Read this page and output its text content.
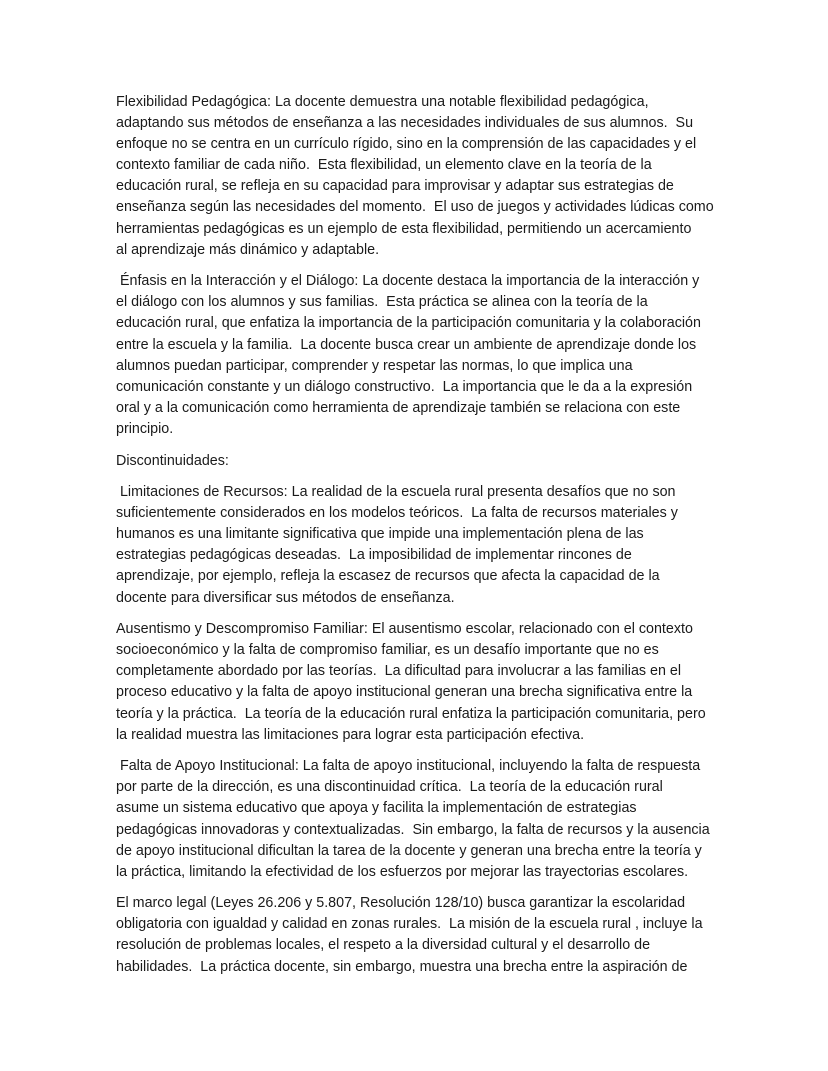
Flexibilidad Pedagógica: La docente demuestra una notable flexibilidad pedagógica,
adaptando sus métodos de enseñanza a las necesidades individuales de sus alumnos.  Su
enfoque no se centra en un currículo rígido, sino en la comprensión de las capacidades y el
contexto familiar de cada niño.  Esta flexibilidad, un elemento clave en la teoría de la
educación rural, se refleja en su capacidad para improvisar y adaptar sus estrategias de
enseñanza según las necesidades del momento.  El uso de juegos y actividades lúdicas como
herramientas pedagógicas es un ejemplo de esta flexibilidad, permitiendo un acercamiento
al aprendizaje más dinámico y adaptable.

Énfasis en la Interacción y el Diálogo: La docente destaca la importancia de la interacción y
el diálogo con los alumnos y sus familias.  Esta práctica se alinea con la teoría de la
educación rural, que enfatiza la importancia de la participación comunitaria y la colaboración
entre la escuela y la familia.  La docente busca crear un ambiente de aprendizaje donde los
alumnos puedan participar, comprender y respetar las normas, lo que implica una
comunicación constante y un diálogo constructivo.  La importancia que le da a la expresión
oral y a la comunicación como herramienta de aprendizaje también se relaciona con este
principio.

Discontinuidades:

Limitaciones de Recursos: La realidad de la escuela rural presenta desafíos que no son
suficientemente considerados en los modelos teóricos.  La falta de recursos materiales y
humanos es una limitante significativa que impide una implementación plena de las
estrategias pedagógicas deseadas.  La imposibilidad de implementar rincones de
aprendizaje, por ejemplo, refleja la escasez de recursos que afecta la capacidad de la
docente para diversificar sus métodos de enseñanza.

Ausentismo y Descompromiso Familiar: El ausentismo escolar, relacionado con el contexto
socioeconómico y la falta de compromiso familiar, es un desafío importante que no es
completamente abordado por las teorías.  La dificultad para involucrar a las familias en el
proceso educativo y la falta de apoyo institucional generan una brecha significativa entre la
teoría y la práctica.  La teoría de la educación rural enfatiza la participación comunitaria, pero
la realidad muestra las limitaciones para lograr esta participación efectiva.

Falta de Apoyo Institucional: La falta de apoyo institucional, incluyendo la falta de respuesta
por parte de la dirección, es una discontinuidad crítica.  La teoría de la educación rural
asume un sistema educativo que apoya y facilita la implementación de estrategias
pedagógicas innovadoras y contextualizadas.  Sin embargo, la falta de recursos y la ausencia
de apoyo institucional dificultan la tarea de la docente y generan una brecha entre la teoría y
la práctica, limitando la efectividad de los esfuerzos por mejorar las trayectorias escolares.

El marco legal (Leyes 26.206 y 5.807, Resolución 128/10) busca garantizar la escolaridad
obligatoria con igualdad y calidad en zonas rurales.  La misión de la escuela rural , incluye la
resolución de problemas locales, el respeto a la diversidad cultural y el desarrollo de
habilidades.  La práctica docente, sin embargo, muestra una brecha entre la aspiración de
